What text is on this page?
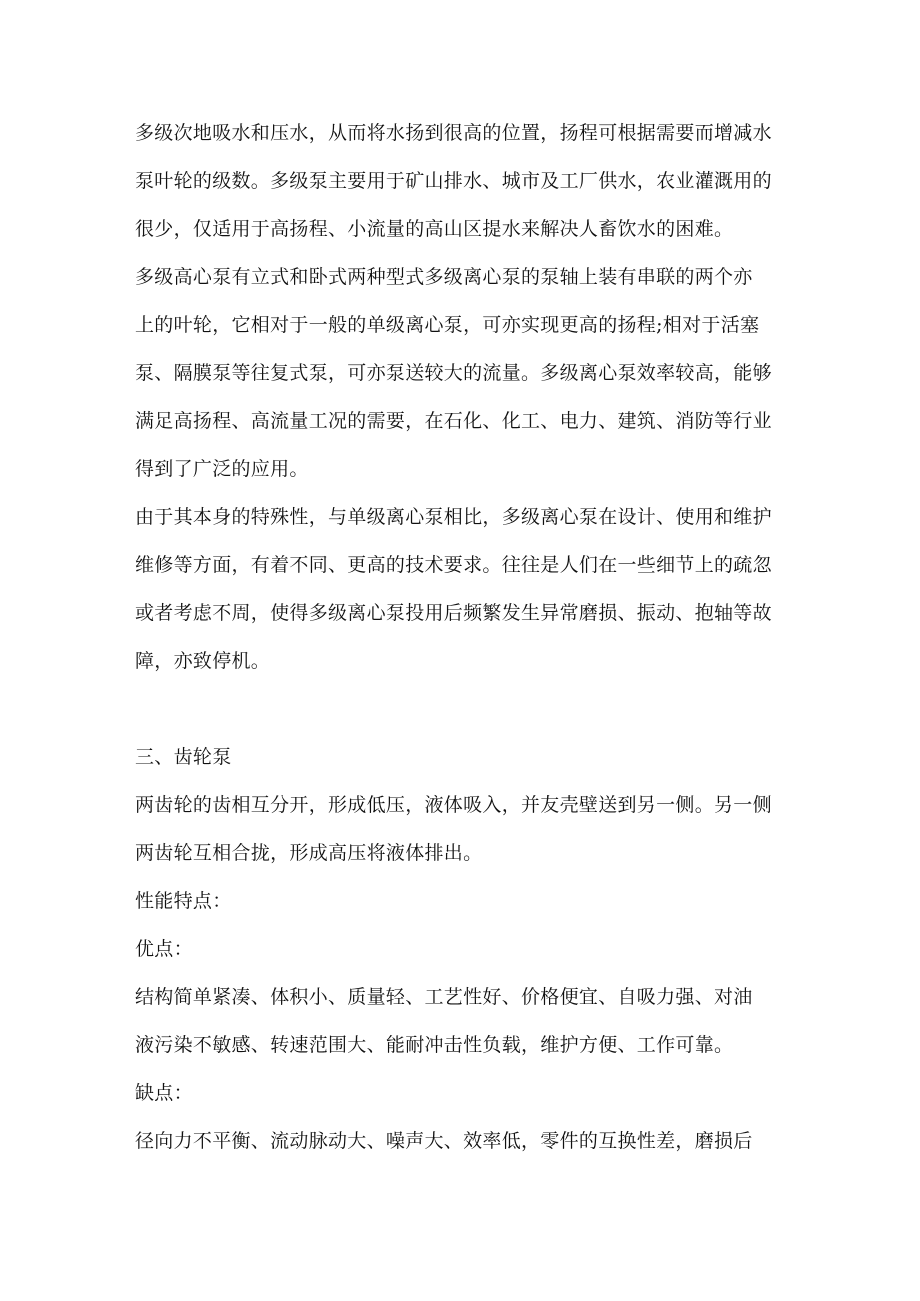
多级次地吸水和压水，从而将水扬到很高的位置，扬程可根据需要而增减水
泵叶轮的级数。多级泵主要用于矿山排水、城市及工厂供水，农业灌溉用的
很少，仅适用于高扬程、小流量的高山区提水来解决人畜饮水的困难。
多级高心泵有立式和卧式两种型式多级离心泵的泵轴上装有串联的两个亦
上的叶轮，它相对于一般的单级离心泵，可亦实现更高的扬程;相对于活塞
泵、隔膜泵等往复式泵，可亦泵送较大的流量。多级离心泵效率较高，能够
满足高扬程、高流量工况的需要，在石化、化工、电力、建筑、消防等行业
得到了广泛的应用。
由于其本身的特殊性，与单级离心泵相比，多级离心泵在设计、使用和维护
维修等方面，有着不同、更高的技术要求。往往是人们在一些细节上的疏忽
或者考虑不周，使得多级离心泵投用后频繁发生异常磨损、振动、抱轴等故
障，亦致停机。
三、齿轮泵
两齿轮的齿相互分开，形成低压，液体吸入，并友壳壁送到另一侧。另一侧
两齿轮互相合拢，形成高压将液体排出。
性能特点：
优点：
结构简单紧凑、体积小、质量轻、工艺性好、价格便宜、自吸力强、对油
液污染不敏感、转速范围大、能耐冲击性负载，维护方便、工作可靠。
缺点：
径向力不平衡、流动脉动大、噪声大、效率低，零件的互换性差，磨损后
